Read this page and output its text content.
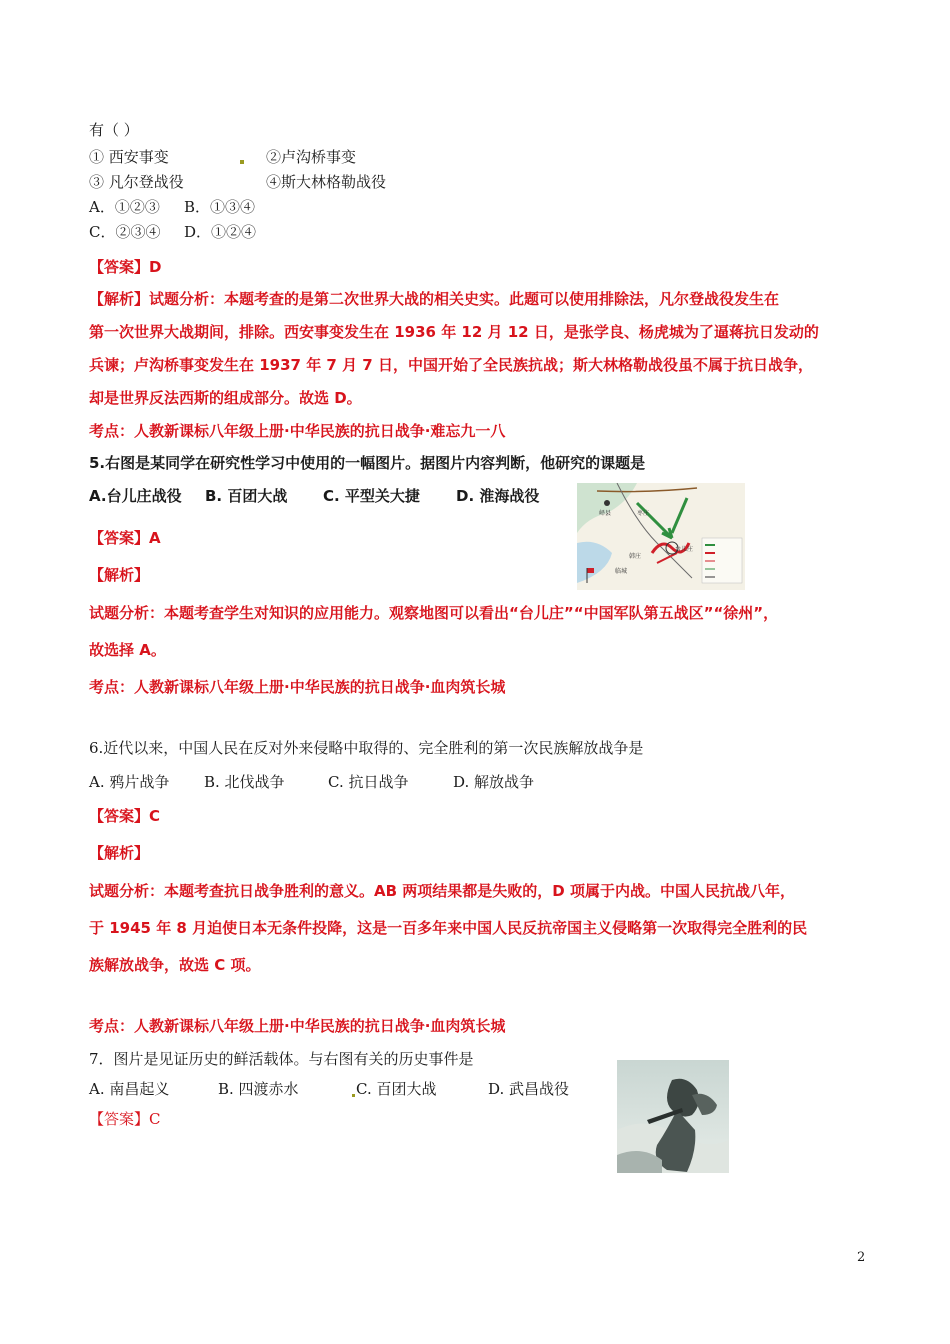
有（ ）
① 西安事变	②卢沟桥事变
③ 凡尔登战役	④斯大林格勒战役
A．①②③ B．①③④
C．②③④ D．①②④
【答案】D
【解析】试题分析：本题考查的是第二次世界大战的相关史实。此题可以使用排除法，凡尔登战役发生在
第一次世界大战期间，排除。西安事变发生在 1936 年 12 月 12 日，是张学良、杨虎城为了逼蒋抗日发动的
兵谏；卢沟桥事变发生在 1937 年 7 月 7 日，中国开始了全民族抗战；斯大林格勒战役虽不属于抗日战争，
却是世界反法西斯的组成部分。故选 D。
考点：人教新课标八年级上册·中华民族的抗日战争·难忘九一八
5.右图是某同学在研究性学习中使用的一幅图片。据图片内容判断，他研究的课题是
A.台儿庄战役 B. 百团大战 C. 平型关大捷 D. 淮海战役
峄县	枣庄
台儿庄
韩庄
临城
【答案】A
【解析】
试题分析：本题考查学生对知识的应用能力。观察地图可以看出“台儿庄”“中国军队第五战区”“徐州”，
故选择 A。
考点：人教新课标八年级上册·中华民族的抗日战争·血肉筑长城
6.近代以来，中国人民在反对外来侵略中取得的、完全胜利的第一次民族解放战争是
A. 鸦片战争 B. 北伐战争	C. 抗日战争	D. 解放战争
【答案】C
【解析】
试题分析：本题考查抗日战争胜利的意义。AB 两项结果都是失败的，D 项属于内战。中国人民抗战八年，
于 1945 年 8 月迫使日本无条件投降，这是一百多年来中国人民反抗帝国主义侵略第一次取得完全胜利的民
族解放战争，故选 C 项。
考点：人教新课标八年级上册·中华民族的抗日战争·血肉筑长城
7．图片是见证历史的鲜活载体。与右图有关的历史事件是
A. 南昌起义	B. 四渡赤水	C. 百团大战	D. 武昌战役
【答案】C
2
